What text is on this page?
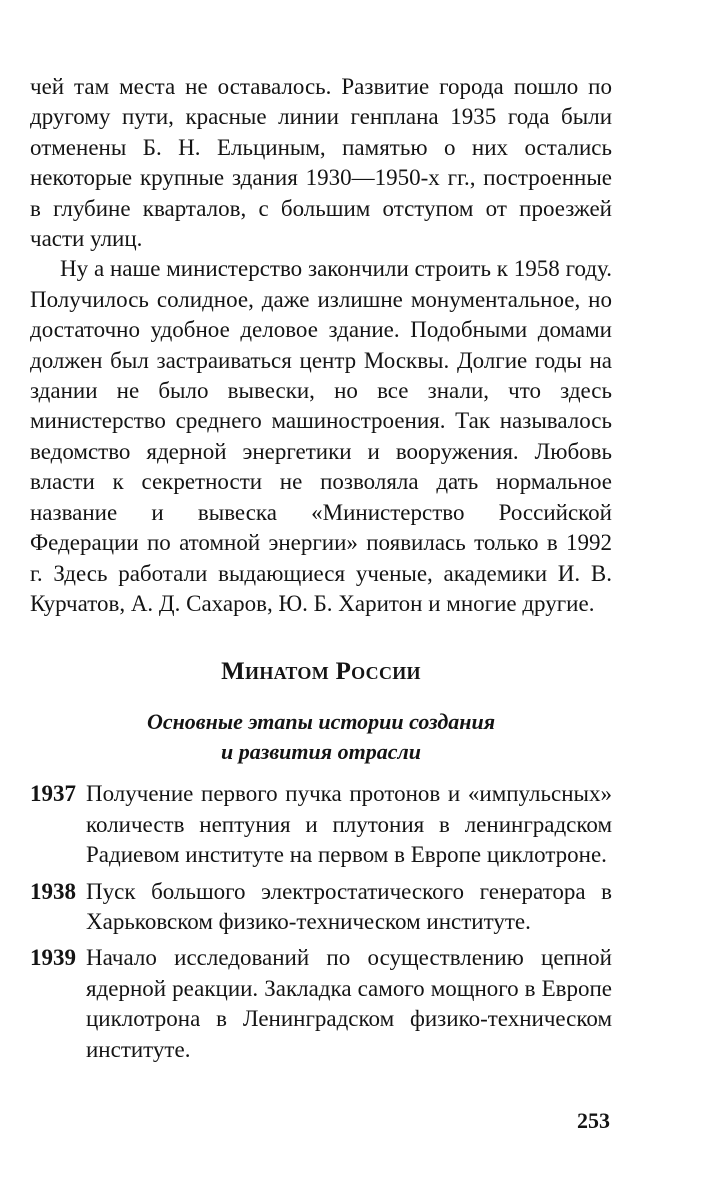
чей там места не оставалось. Развитие города пошло по другому пути, красные линии генплана 1935 года были отменены Б. Н. Ельциным, памятью о них остались некоторые крупные здания 1930—1950-х гг., построенные в глубине кварталов, с большим отступом от проезжей части улиц.

Ну а наше министерство закончили строить к 1958 году. Получилось солидное, даже излишне монументальное, но достаточно удобное деловое здание. Подобными домами должен был застраиваться центр Москвы. Долгие годы на здании не было вывески, но все знали, что здесь министерство среднего машиностроения. Так называлось ведомство ядерной энергетики и вооружения. Любовь власти к секретности не позволяла дать нормальное название и вывеска «Министерство Российской Федерации по атомной энергии» появилась только в 1992 г. Здесь работали выдающиеся ученые, академики И. В. Курчатов, А. Д. Сахаров, Ю. Б. Харитон и многие другие.

Минатом России
Основные этапы истории создания
и развития отрасли
1937 Получение первого пучка протонов и «импульсных» количеств нептуния и плутония в ленинградском Радиевом институте на первом в Европе циклотроне.

1938 Пуск большого электростатического генератора в Харьковском физико-техническом институте.

1939 Начало исследований по осуществлению цепной ядерной реакции. Закладка самого мощного в Европе циклотрона в Ленинградском физико-техническом институте.

253
